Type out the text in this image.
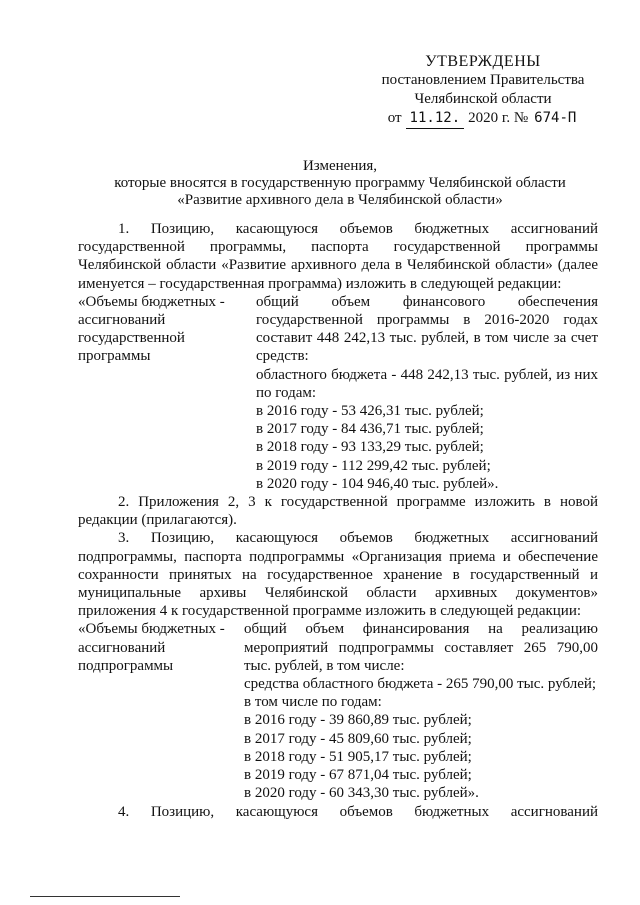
УТВЕРЖДЕНЫ
постановлением Правительства
Челябинской области
от 11.12. 2020 г. № 674-П
Изменения,
которые вносятся в государственную программу Челябинской области
«Развитие архивного дела в Челябинской области»

1. Позицию, касающуюся объемов бюджетных ассигнований

государственной программы, паспорта государственной программы

Челябинской области «Развитие архивного дела в Челябинской области» (далее

именуется – государственная программа) изложить в следующей редакции:

«Объемы бюджетных - ассигнований государственной программы

общий объем финансового обеспечения государственной программы в 2016-2020 годах составит 448 242,13 тыс. рублей, в том числе за счет средств:

областного бюджета - 448 242,13 тыс. рублей, из них по годам:

в 2016 году - 53 426,31 тыс. рублей;

в 2017 году - 84 436,71 тыс. рублей;

в 2018 году - 93 133,29 тыс. рублей;

в 2019 году - 112 299,42 тыс. рублей;

в 2020 году - 104 946,40 тыс. рублей».

2. Приложения 2, 3 к государственной программе изложить в новой редакции (прилагаются).

3. Позицию, касающуюся объемов бюджетных ассигнований подпрограммы, паспорта подпрограммы «Организация приема и обеспечение сохранности принятых на государственное хранение в государственный и муниципальные архивы Челябинской области архивных документов» приложения 4 к государственной программе изложить в следующей редакции:

«Объемы бюджетных - ассигнований подпрограммы

общий объем финансирования на реализацию мероприятий подпрограммы составляет 265 790,00 тыс. рублей, в том числе:

средства областного бюджета - 265 790,00 тыс. рублей;

в том числе по годам:

в 2016 году - 39 860,89 тыс. рублей;

в 2017 году - 45 809,60 тыс. рублей;

в 2018 году - 51 905,17 тыс. рублей;

в 2019 году - 67 871,04 тыс. рублей;

в 2020 году - 60 343,30 тыс. рублей».

4. Позицию, касающуюся объемов бюджетных ассигнований
